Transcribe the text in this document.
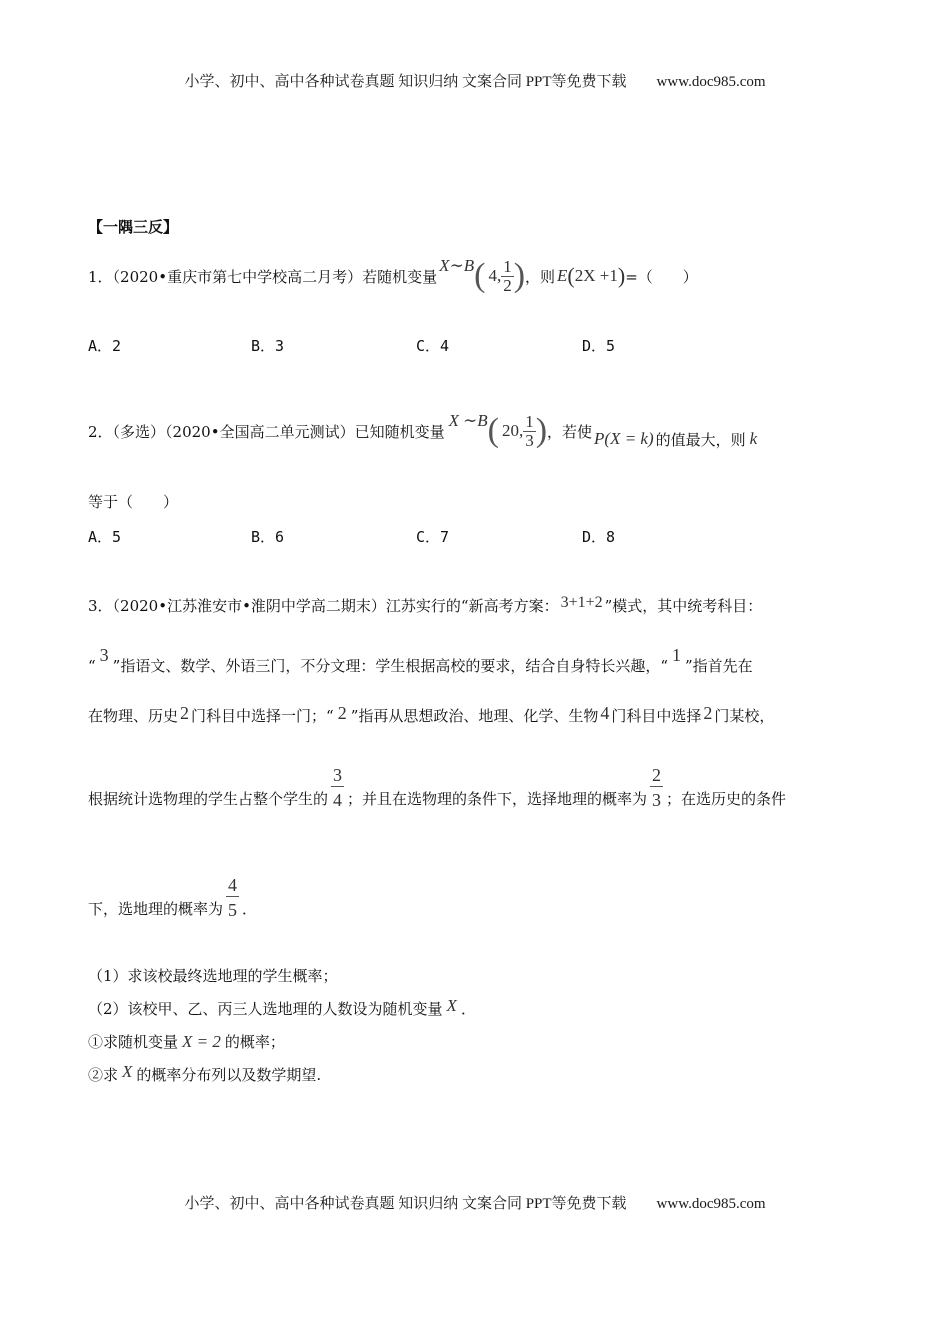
小学、初中、高中各种试卷真题 知识归纳 文案合同 PPT等免费下载 www.doc985.com
【一隅三反】
1．（2020•重庆市第七中学校高二月考）若随机变量
X ∼ B ( 4, $\frac{1}{2}$ ) ，则 E ( 2X +1 ) =（　　）
A．2	B．3	C．4	D．5
2．（多选）（2020•全国高二单元测试）已知随机变量
X ∼ B ( 20, $\frac{1}{3}$ ) ，若使 P(X = k) 的值最大，则 k
等于（　　）
A．5	B．6	C．7	D．8
3．（2020•江苏淮安市•淮阴中学高二期末）江苏实行的“新高考方案： 3+1+2 ”模式，其中统考科目：
“3”指语文、数学、外语三门，不分文理：学生根据高校的要求，结合自身特长兴趣，“1”指首先在
在物理、历史 2 门科目中选择一门；“ 2 ”指再从思想政治、地理、化学、生物 4 门科目中选择 2 门某校，
根据统计选物理的学生占整个学生的 $\frac{3}{4}$ ；并且在选物理的条件下，选择地理的概率为 $\frac{2}{3}$ ；在选历史的条件
下，选地理的概率为 $\frac{4}{5}$ ．
（1）求该校最终选地理的学生概率；
（2）该校甲、乙、丙三人选地理的人数设为随机变量 X ．
①求随机变量 X = 2 的概率；
②求 X 的概率分布列以及数学期望.
小学、初中、高中各种试卷真题 知识归纳 文案合同 PPT等免费下载 www.doc985.com
